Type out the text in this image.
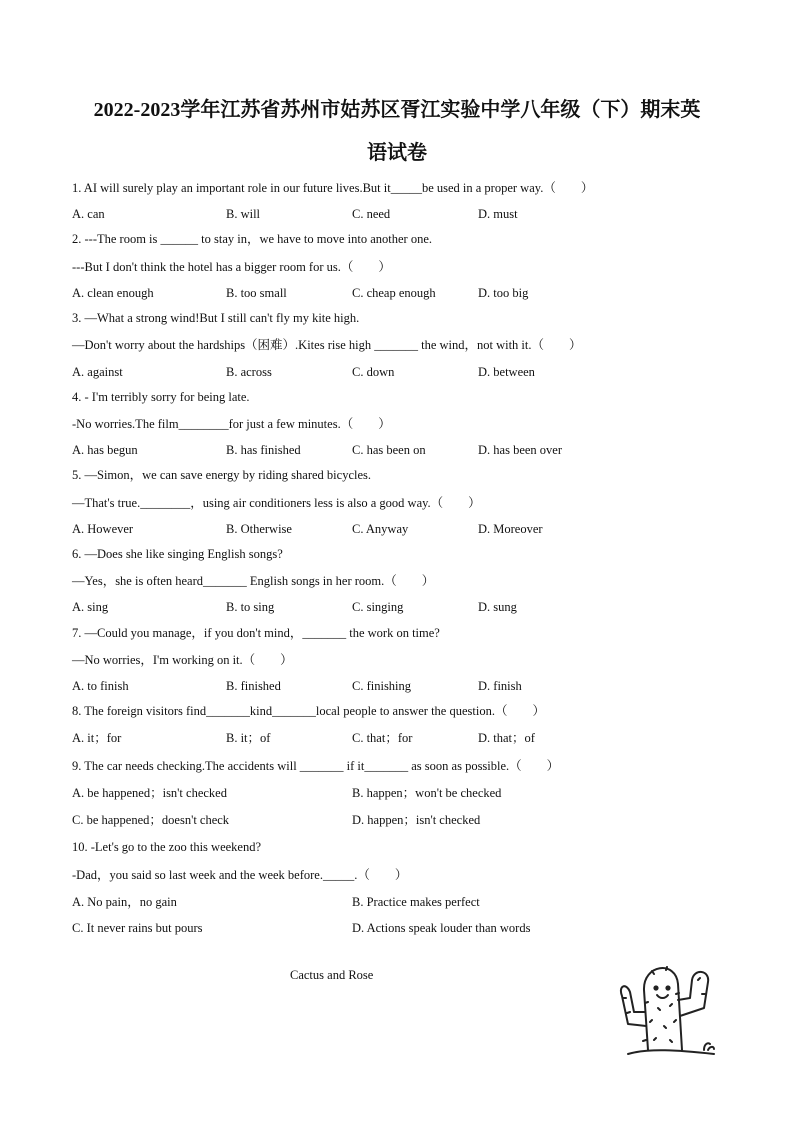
2022-2023学年江苏省苏州市姑苏区胥江实验中学八年级（下）期末英
语试卷
1. AI will surely play an important role in our future lives.But it_____be used in a proper way.（　　）
A. can	B. will	C. need	D. must
2. ---The room is ______ to stay in，we have to move into another one.
---But I don't think the hotel has a bigger room for us.（　　）
A. clean enough	B. too small	C. cheap enough	D. too big
3. —What a strong wind!But I still can't fly my kite high.
—Don't worry about the hardships（困难）.Kites rise high _______ the wind，not with it.（　　）
A. against	B. across	C. down	D. between
4. - I'm terribly sorry for being late.
-No worries.The film________for just a few minutes.（　　）
A. has begun	B. has finished	C. has been on	D. has been over
5. —Simon，we can save energy by riding shared bicycles.
—That's true.________，using air conditioners less is also a good way.（　　）
A. However	B. Otherwise	C. Anyway	D. Moreover
6. —Does she like singing English songs?
—Yes，she is often heard_______ English songs in her room.（　　）
A. sing	B. to sing	C. singing	D. sung
7. —Could you manage，if you don't mind，_______ the work on time?
—No worries，I'm working on it.（　　）
A. to finish	B. finished	C. finishing	D. finish
8. The foreign visitors find_______kind_______local people to answer the question.（　　）
A. it；for	B. it；of	C. that；for	D. that；of
9. The car needs checking.The accidents will _______ if it_______ as soon as possible.（　　）
A. be happened；isn't checked	B. happen；won't be checked
C. be happened；doesn't check	D. happen；isn't checked
10. -Let's go to the zoo this weekend?
-Dad，you said so last week and the week before._____.（　　）
A. No pain，no gain	B. Practice makes perfect
C. It never rains but pours	D. Actions speak louder than words
Cactus and Rose
